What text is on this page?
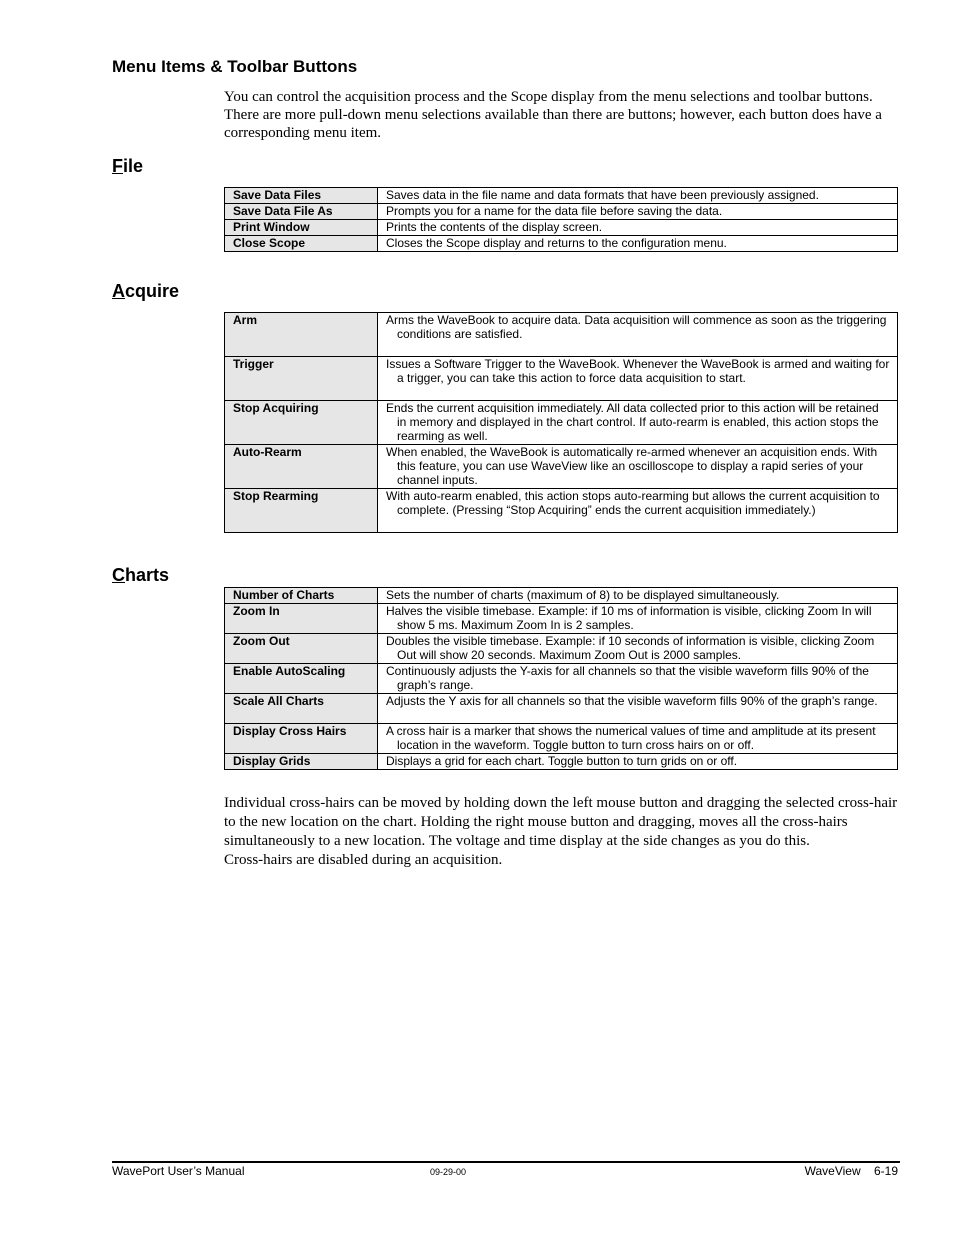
Menu Items & Toolbar Buttons

You can control the acquisition process and the Scope display from the menu selections and toolbar buttons. There are more pull-down menu selections available than there are buttons; however, each button does have a corresponding menu item.

File
Save Data Files	Saves data in the file name and data formats that have been previously assigned.

Save Data File As	Prompts you for a name for the data file before saving the data.

Print Window	Prints the contents of the display screen.

Close Scope	Closes the Scope display and returns to the configuration menu.
Acquire
Arm	Arms the WaveBook to acquire data. Data acquisition will commence as soon as the triggering conditions are satisfied.

Trigger	Issues a Software Trigger to the WaveBook. Whenever the WaveBook is armed and waiting for a trigger, you can take this action to force data acquisition to start.

Stop Acquiring	Ends the current acquisition immediately. All data collected prior to this action will be retained in memory and displayed in the chart control. If auto-rearm is enabled, this action stops the rearming as well.

Auto-Rearm	When enabled, the WaveBook is automatically re-armed whenever an acquisition ends. With this feature, you can use WaveView like an oscilloscope to display a rapid series of your channel inputs.

Stop Rearming	With auto-rearm enabled, this action stops auto-rearming but allows the current acquisition to complete. (Pressing “Stop Acquiring” ends the current acquisition immediately.)
Charts
Number of Charts	Sets the number of charts (maximum of 8) to be displayed simultaneously.

Zoom In	Halves the visible timebase. Example: if 10 ms of information is visible, clicking Zoom In will show 5 ms. Maximum Zoom In is 2 samples.

Zoom Out	Doubles the visible timebase. Example: if 10 seconds of information is visible, clicking Zoom Out will show 20 seconds. Maximum Zoom Out is 2000 samples.

Enable AutoScaling	Continuously adjusts the Y-axis for all channels so that the visible waveform fills 90% of the graph’s range.

Scale All Charts	Adjusts the Y axis for all channels so that the visible waveform fills 90% of the graph’s range.

Display Cross Hairs	A cross hair is a marker that shows the numerical values of time and amplitude at its present location in the waveform. Toggle button to turn cross hairs on or off.

Display Grids	Displays a grid for each chart. Toggle button to turn grids on or off.
Individual cross-hairs can be moved by holding down the left mouse button and dragging the selected cross-hair to the new location on the chart. Holding the right mouse button and dragging, moves all the cross-hairs simultaneously to a new location. The voltage and time display at the side changes as you do this.
Cross-hairs are disabled during an acquisition.
WavePort User’s Manual	09-29-00	WaveView    6-19
